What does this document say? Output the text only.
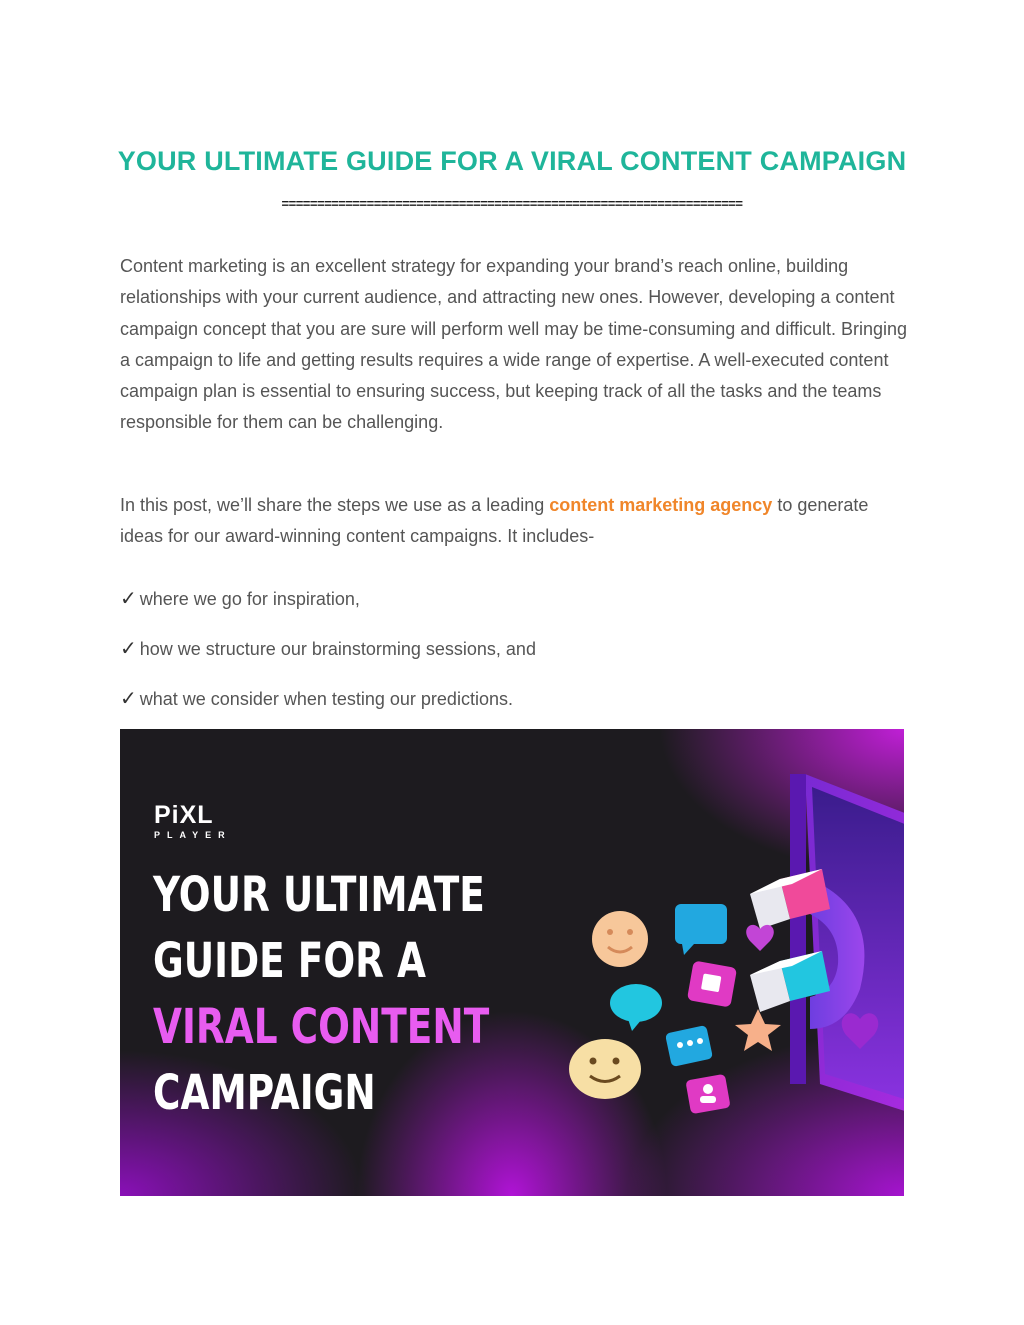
YOUR ULTIMATE GUIDE FOR A VIRAL CONTENT CAMPAIGN
=================================================================

Content marketing is an excellent strategy for expanding your brand’s reach online, building relationships with your current audience, and attracting new ones. However, developing a content campaign concept that you are sure will perform well may be time-consuming and difficult. Bringing a campaign to life and getting results requires a wide range of expertise. A well-executed content campaign plan is essential to ensuring success, but keeping track of all the tasks and the teams responsible for them can be challenging.

In this post, we’ll share the steps we use as a leading content marketing agency to generate ideas for our award-winning content campaigns. It includes-

✓ where we go for inspiration,
✓ how we structure our brainstorming sessions, and
✓ what we consider when testing our predictions.
PiXL
PLAYER
YOUR ULTIMATE
GUIDE FOR A
VIRAL CONTENT
CAMPAIGN
